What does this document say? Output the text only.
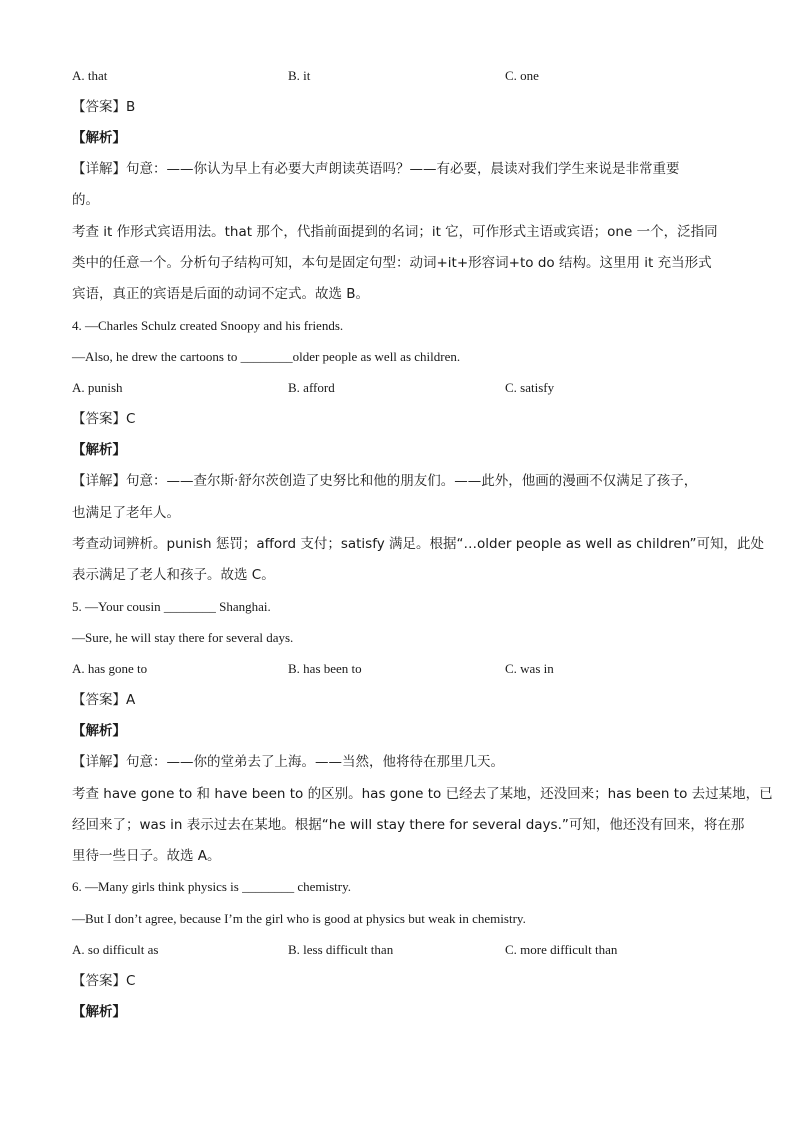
A. that	B. it	C. one
【答案】B
【解析】
【详解】句意：——你认为早上有必要大声朗读英语吗？——有必要，晨读对我们学生来说是非常重要
的。
考查 it 作形式宾语用法。that 那个，代指前面提到的名词；it 它，可作形式主语或宾语；one 一个，泛指同
类中的任意一个。分析句子结构可知，本句是固定句型：动词+it+形容词+to do 结构。这里用 it 充当形式
宾语，真正的宾语是后面的动词不定式。故选 B。
4. —Charles Schulz created Snoopy and his friends.
—Also, he drew the cartoons to ________older people as well as children.
A. punish	B. afford	C. satisfy
【答案】C
【解析】
【详解】句意：——查尔斯·舒尔茨创造了史努比和他的朋友们。——此外，他画的漫画不仅满足了孩子，
也满足了老年人。
考查动词辨析。punish 惩罚；afford 支付；satisfy 满足。根据“…older people as well as children”可知，此处
表示满足了老人和孩子。故选 C。
5. —Your cousin ________ Shanghai.
—Sure, he will stay there for several days.
A. has gone to	B. has been to	C. was in
【答案】A
【解析】
【详解】句意：——你的堂弟去了上海。——当然，他将待在那里几天。
考查 have gone to 和 have been to 的区别。has gone to 已经去了某地，还没回来；has been to 去过某地，已
经回来了；was in 表示过去在某地。根据“he will stay there for several days.”可知，他还没有回来，将在那
里待一些日子。故选 A。
6. —Many girls think physics is ________ chemistry.
—But I don’t agree, because I’m the girl who is good at physics but weak in chemistry.
A. so difficult as	B. less difficult than	C. more difficult than
【答案】C
【解析】
